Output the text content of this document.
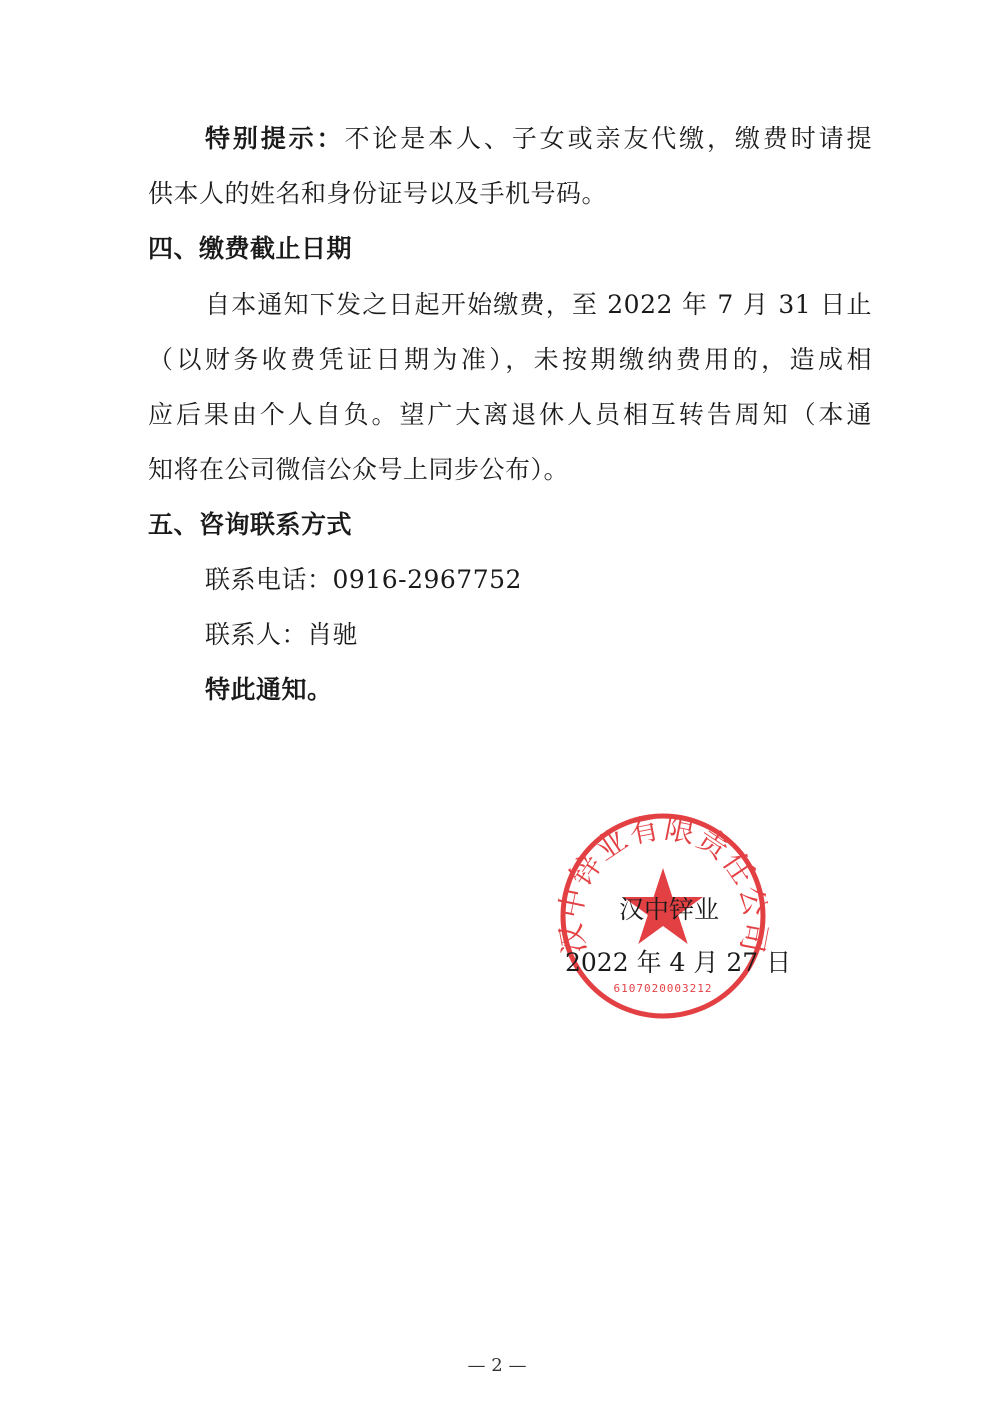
特别提示：不论是本人、子女或亲友代缴，缴费时请提
供本人的姓名和身份证号以及手机号码。
四、缴费截止日期
自本通知下发之日起开始缴费，至 2022 年 7 月 31 日止
（以财务收费凭证日期为准），未按期缴纳费用的，造成相
应后果由个人自负。望广大离退休人员相互转告周知（本通
知将在公司微信公众号上同步公布）。
五、咨询联系方式
联系电话：0916-2967752
联系人：肖驰
特此通知。
汉中锌业有限责任公司
6107020003212
汉中锌业
2022 年 4 月 27 日
— 2 —
